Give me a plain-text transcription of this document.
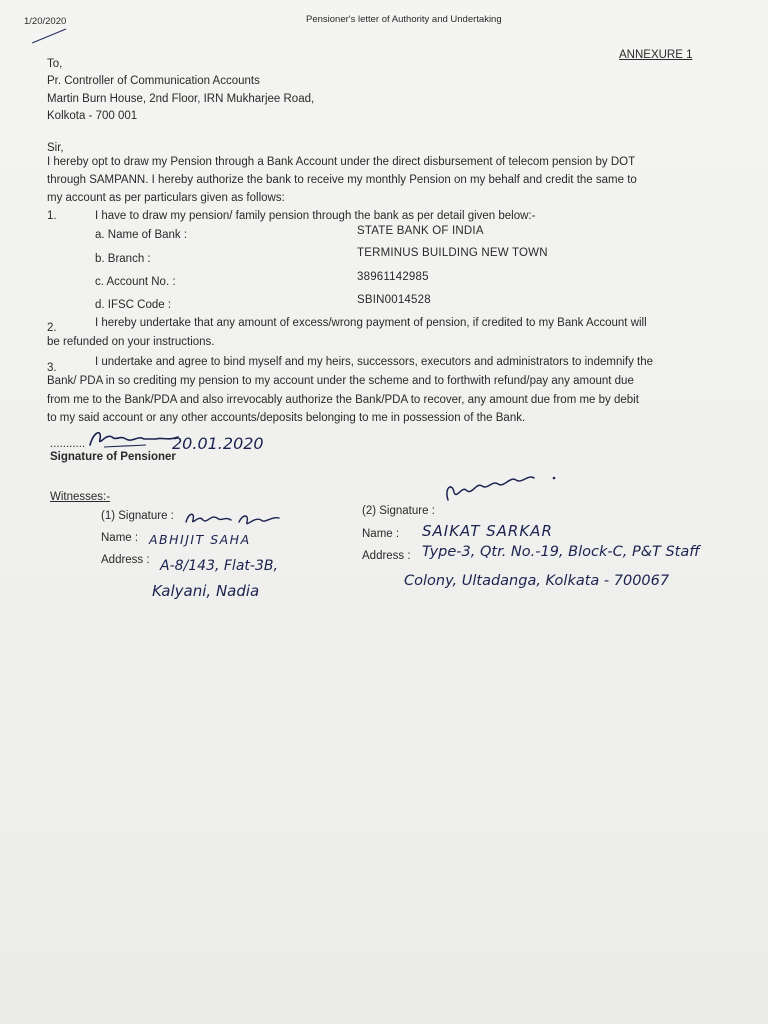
1/20/2020	Pensioner's letter of Authority and Undertaking
ANNEXURE 1
To,
Pr. Controller of Communication Accounts
Martin Burn House, 2nd Floor, IRN Mukharjee Road,
Kolkota - 700 001
Sir,
I hereby opt to draw my Pension through a Bank Account under the direct disbursement of telecom pension by DOT
through SAMPANN. I hereby authorize the bank to receive my monthly Pension on my behalf and credit the same to
my account as per particulars given as follows:
1.	I have to draw my pension/ family pension through the bank as per detail given below:-
a. Name of Bank :	STATE BANK OF INDIA
b. Branch :	TERMINUS BUILDING NEW TOWN
c. Account No. :	38961142985
d. IFSC Code :	SBIN0014528
2.	I hereby undertake that any amount of excess/wrong payment of pension, if credited to my Bank Account will
be refunded on your instructions.
3.	I undertake and agree to bind myself and my heirs, successors, executors and administrators to indemnify the
Bank/ PDA in so crediting my pension to my account under the scheme and to forthwith refund/pay any amount due
from me to the Bank/PDA and also irrevocably authorize the Bank/PDA to recover, any amount due from me by debit
to my said account or any other accounts/deposits belonging to me in possession of the Bank.
...........	20.01.2020
Signature of Pensioner
Witnesses:-
(1) Signature :
Name : ABHIJIT SAHA
Address : A-8/143, Flat-3B,
Kalyani, Nadia
(2) Signature :
Name : SAIKAT SARKAR
Address : Type-3, Qtr. No.-19, Block-C, P&T Staff
Colony, Ultadanga, Kolkata - 700067
